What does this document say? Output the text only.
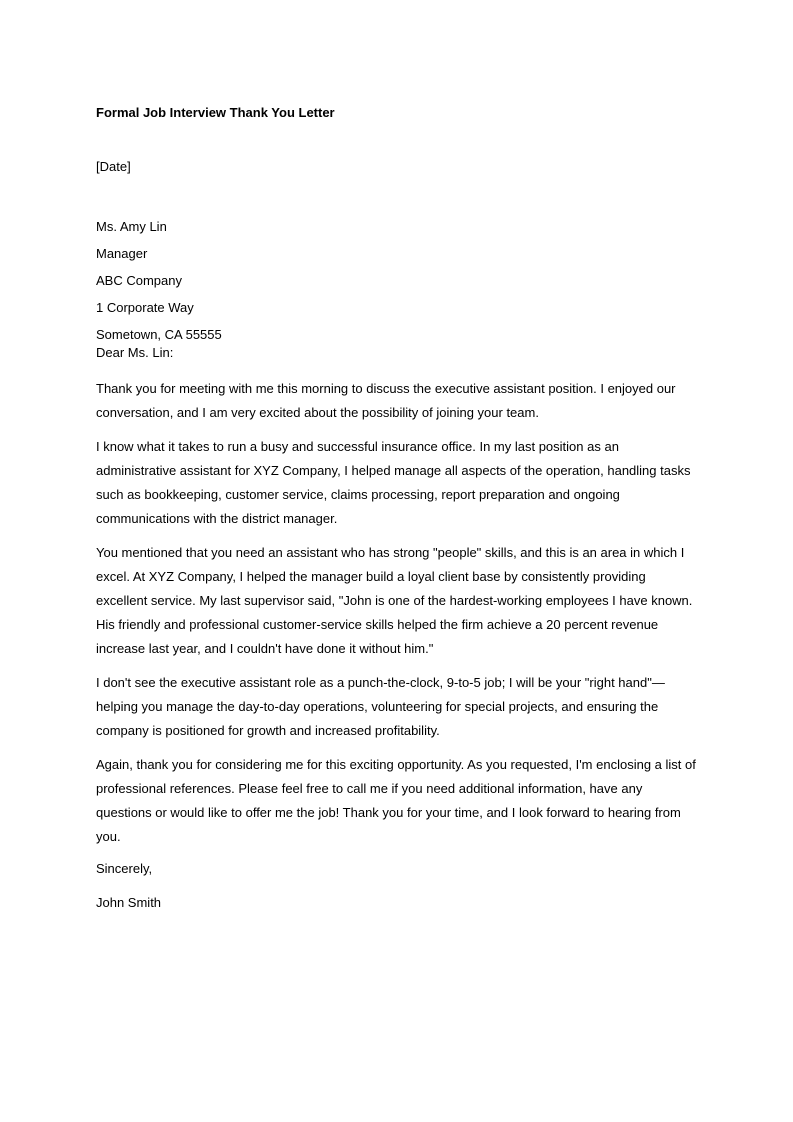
Formal Job Interview Thank You Letter
[Date]
Ms. Amy Lin
Manager
ABC Company
1 Corporate Way
Sometown, CA 55555
Dear Ms. Lin:

Thank you for meeting with me this morning to discuss the executive assistant position. I enjoyed our conversation, and I am very excited about the possibility of joining your team.

I know what it takes to run a busy and successful insurance office. In my last position as an administrative assistant for XYZ Company, I helped manage all aspects of the operation, handling tasks such as bookkeeping, customer service, claims processing, report preparation and ongoing communications with the district manager.

You mentioned that you need an assistant who has strong "people" skills, and this is an area in which I excel. At XYZ Company, I helped the manager build a loyal client base by consistently providing excellent service. My last supervisor said, "John is one of the hardest-working employees I have known. His friendly and professional customer-service skills helped the firm achieve a 20 percent revenue increase last year, and I couldn't have done it without him."

I don't see the executive assistant role as a punch-the-clock, 9-to-5 job; I will be your "right hand"—helping you manage the day-to-day operations, volunteering for special projects, and ensuring the company is positioned for growth and increased profitability.

Again, thank you for considering me for this exciting opportunity. As you requested, I'm enclosing a list of professional references. Please feel free to call me if you need additional information, have any questions or would like to offer me the job! Thank you for your time, and I look forward to hearing from you.

Sincerely,
John Smith
